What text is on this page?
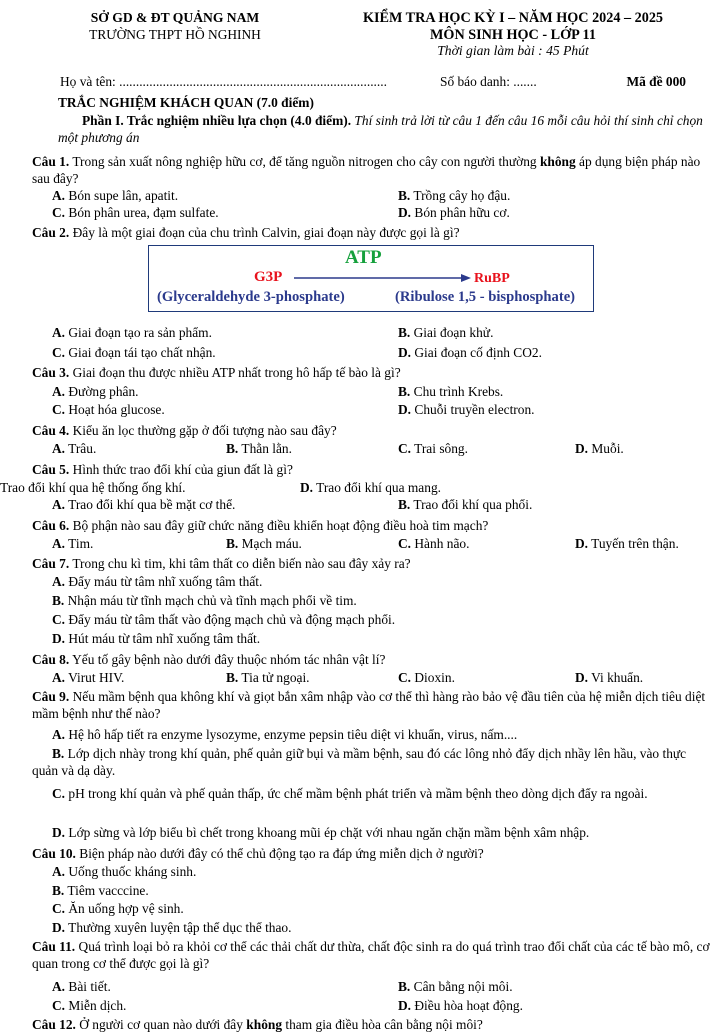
SỞ GD & ĐT QUẢNG NAM
TRƯỜNG THPT HỒ NGHINH
KIỂM TRA HỌC KỲ I – NĂM HỌC 2024 – 2025
MÔN SINH HỌC - LỚP 11
Thời gian làm bài : 45 Phút
Họ và tên: ................................................................................	Số báo danh: .......	Mã đề 000
TRẮC NGHIỆM KHÁCH QUAN (7.0 điểm)
Phần I. Trắc nghiệm nhiều lựa chọn (4.0 điểm). Thí sinh trả lời từ câu 1 đến câu 16 mỗi câu hỏi thí sinh chỉ chọn một phương án
Câu 1. Trong sản xuất nông nghiệp hữu cơ, để tăng nguồn nitrogen cho cây con người thường không áp dụng biện pháp nào sau đây?
A. Bón supe lân, apatit.	B. Trồng cây họ đậu.
C. Bón phân urea, đạm sulfate.	D. Bón phân hữu cơ.
Câu 2. Đây là một giai đoạn của chu trình Calvin, giai đoạn này được gọi là gì?
ATP
G3P	RuBP
(Glyceraldehyde 3-phosphate)	(Ribulose 1,5 - bisphosphate)
A. Giai đoạn tạo ra sản phẩm.	B. Giai đoạn khử.
C. Giai đoạn tái tạo chất nhận.	D. Giai đoạn cố định CO2.
Câu 3. Giai đoạn thu được nhiều ATP nhất trong hô hấp tế bào là gì?
A. Đường phân.	B. Chu trình Krebs.
C. Hoạt hóa glucose.	D. Chuỗi truyền electron.
Câu 4. Kiểu ăn lọc thường gặp ở đối tượng nào sau đây?
A. Trâu.	B. Thằn lằn.	C. Trai sông.	D. Muỗi.
Câu 5. Hình thức trao đổi khí của giun đất là gì?
Trao đổi khí qua hệ thống ống khí.	D. Trao đổi khí qua mang.
A. Trao đổi khí qua bề mặt cơ thể.	B. Trao đổi khí qua phổi.
Câu 6. Bộ phận nào sau đây giữ chức năng điều khiển hoạt động điều hoà tim mạch?
A. Tim.	B. Mạch máu.	C. Hành não.	D. Tuyến trên thận.
Câu 7. Trong chu kì tim, khi tâm thất co diễn biến nào sau đây xảy ra?
A. Đẩy máu từ tâm nhĩ xuống tâm thất.
B. Nhận máu từ tĩnh mạch chủ và tĩnh mạch phổi về tim.
C. Đẩy máu từ tâm thất vào động mạch chủ và động mạch phổi.
D. Hút máu từ tâm nhĩ xuống tâm thất.
Câu 8. Yếu tố gây bệnh nào dưới đây thuộc nhóm tác nhân vật lí?
A. Virut HIV.	B. Tia tử ngoại.	C. Dioxin.	D. Vi khuẩn.
Câu 9. Nếu mầm bệnh qua không khí và giọt bắn xâm nhập vào cơ thể thì hàng rào bảo vệ đầu tiên của hệ miễn dịch tiêu diệt mầm bệnh như thế nào?
A. Hệ hô hấp tiết ra enzyme lysozyme, enzyme pepsin tiêu diệt vi khuẩn, virus, nấm....
B. Lớp dịch nhày trong khí quản, phế quản giữ bụi và mầm bệnh, sau đó các lông nhỏ đẩy dịch nhầy lên hầu, vào thực quản và dạ dày.
C. pH trong khí quản và phế quản thấp, ức chế mầm bệnh phát triển và mầm bệnh theo dòng dịch đẩy ra ngoài.
D. Lớp sừng và lớp biểu bì chết trong khoang mũi ép chặt với nhau ngăn chặn mầm bệnh xâm nhập.
Câu 10. Biện pháp nào dưới đây có thể chủ động tạo ra đáp ứng miễn dịch ở người?
A. Uống thuốc kháng sinh.
B. Tiêm vacccine.
C. Ăn uống hợp vệ sinh.
D. Thường xuyên luyện tập thể dục thể thao.
Câu 11. Quá trình loại bỏ ra khỏi cơ thể các thải chất dư thừa, chất độc sinh ra do quá trình trao đổi chất của các tế bào mô, cơ quan trong cơ thể được gọi là gì?
A. Bài tiết.	B. Cân bằng nội môi.
C. Miễn dịch.	D. Điều hòa hoạt động.
Câu 12. Ở người cơ quan nào dưới đây không tham gia điều hòa cân bằng nội môi?
